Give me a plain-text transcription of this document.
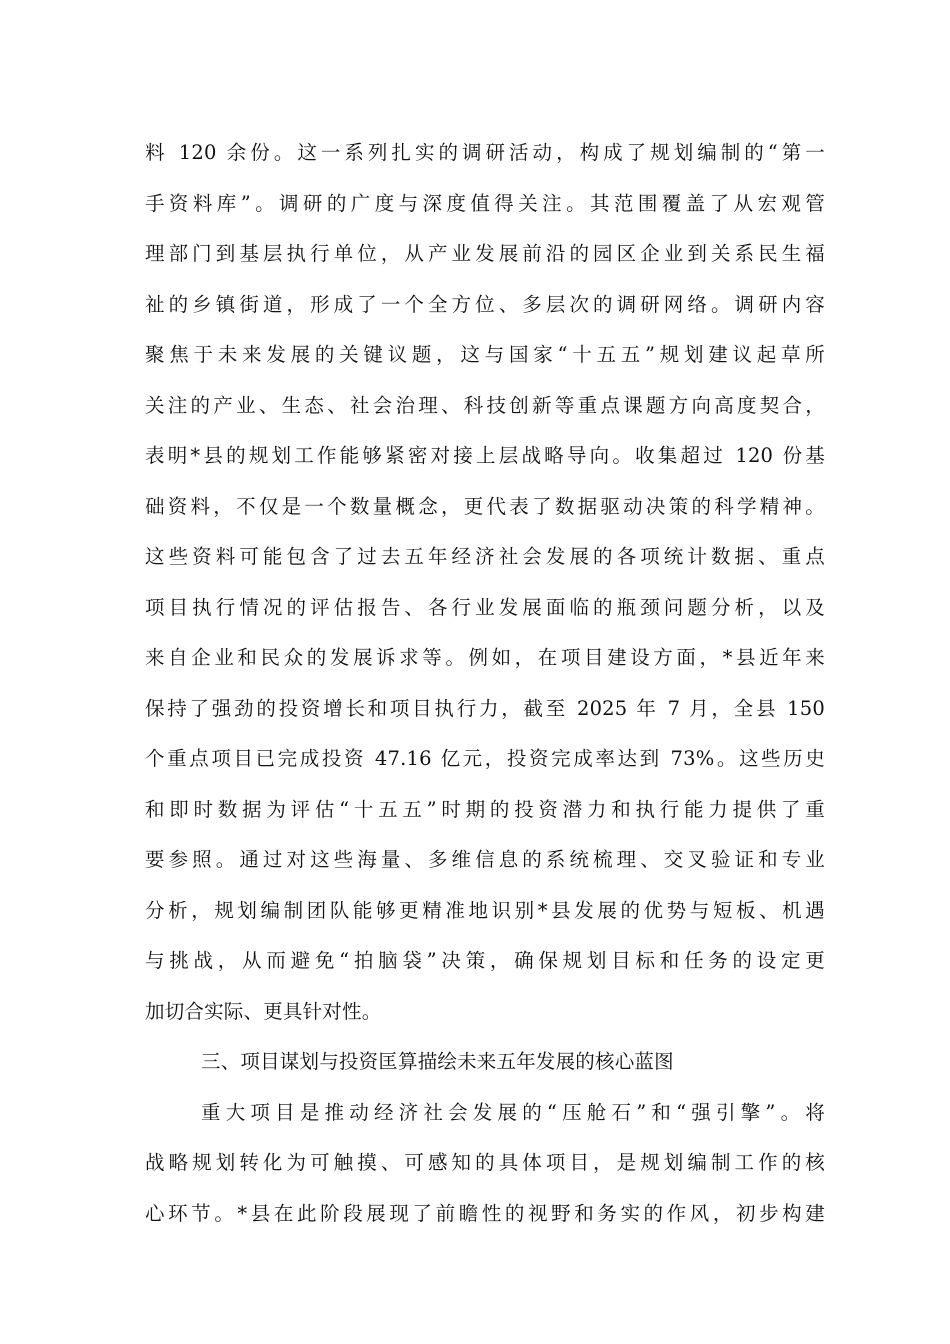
料 120 余份。这一系列扎实的调研活动，构成了规划编制的“第一
手资料库”。调研的广度与深度值得关注。其范围覆盖了从宏观管
理部门到基层执行单位，从产业发展前沿的园区企业到关系民生福
祉的乡镇街道，形成了一个全方位、多层次的调研网络。调研内容
聚焦于未来发展的关键议题，这与国家“十五五”规划建议起草所
关注的产业、生态、社会治理、科技创新等重点课题方向高度契合，
表明*县的规划工作能够紧密对接上层战略导向。收集超过 120 份基
础资料，不仅是一个数量概念，更代表了数据驱动决策的科学精神。
这些资料可能包含了过去五年经济社会发展的各项统计数据、重点
项目执行情况的评估报告、各行业发展面临的瓶颈问题分析，以及
来自企业和民众的发展诉求等。例如，在项目建设方面，*县近年来
保持了强劲的投资增长和项目执行力，截至 2025 年 7 月，全县 150
个重点项目已完成投资 47.16 亿元，投资完成率达到 73%。这些历史
和即时数据为评估“十五五”时期的投资潜力和执行能力提供了重
要参照。通过对这些海量、多维信息的系统梳理、交叉验证和专业
分析，规划编制团队能够更精准地识别*县发展的优势与短板、机遇
与挑战，从而避免“拍脑袋”决策，确保规划目标和任务的设定更
加切合实际、更具针对性。
三、项目谋划与投资匡算描绘未来五年发展的核心蓝图
重大项目是推动经济社会发展的“压舱石”和“强引擎”。将
战略规划转化为可触摸、可感知的具体项目，是规划编制工作的核
心环节。*县在此阶段展现了前瞻性的视野和务实的作风，初步构建
